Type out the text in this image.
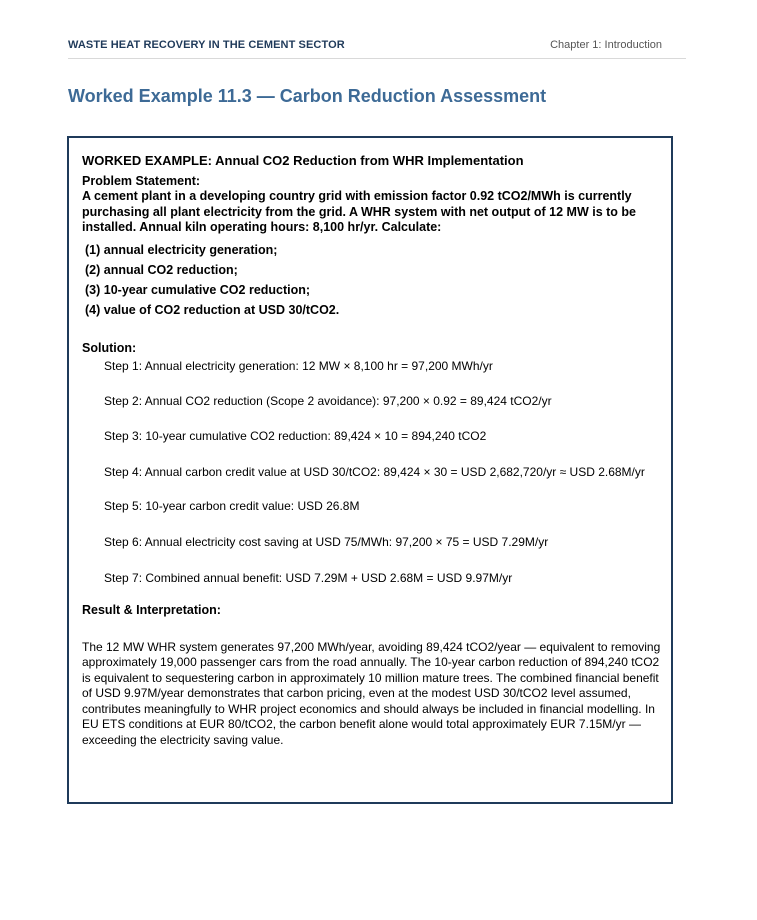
WASTE HEAT RECOVERY IN THE CEMENT SECTOR	Chapter 1: Introduction
Worked Example 11.3 — Carbon Reduction Assessment
WORKED EXAMPLE: Annual CO2 Reduction from WHR Implementation
Problem Statement:

A cement plant in a developing country grid with emission factor 0.92 tCO2/MWh is currently purchasing all plant electricity from the grid. A WHR system with net output of 12 MW is to be installed. Annual kiln operating hours: 8,100 hr/yr. Calculate:

(1) annual electricity generation;
(2) annual CO2 reduction;
(3) 10-year cumulative CO2 reduction;
(4) value of CO2 reduction at USD 30/tCO2.
Solution:

Step 1: Annual electricity generation: 12 MW × 8,100 hr = 97,200 MWh/yr

Step 2: Annual CO2 reduction (Scope 2 avoidance): 97,200 × 0.92 = 89,424 tCO2/yr

Step 3: 10-year cumulative CO2 reduction: 89,424 × 10 = 894,240 tCO2

Step 4: Annual carbon credit value at USD 30/tCO2: 89,424 × 30 = USD 2,682,720/yr ≈ USD 2.68M/yr

Step 5: 10-year carbon credit value: USD 26.8M

Step 6: Annual electricity cost saving at USD 75/MWh: 97,200 × 75 = USD 7.29M/yr

Step 7: Combined annual benefit: USD 7.29M + USD 2.68M = USD 9.97M/yr

Result & Interpretation:

The 12 MW WHR system generates 97,200 MWh/year, avoiding 89,424 tCO2/year — equivalent to removing approximately 19,000 passenger cars from the road annually. The 10-year carbon reduction of 894,240 tCO2 is equivalent to sequestering carbon in approximately 10 million mature trees. The combined financial benefit of USD 9.97M/year demonstrates that carbon pricing, even at the modest USD 30/tCO2 level assumed, contributes meaningfully to WHR project economics and should always be included in financial modelling. In EU ETS conditions at EUR 80/tCO2, the carbon benefit alone would total approximately EUR 7.15M/yr — exceeding the electricity saving value.
